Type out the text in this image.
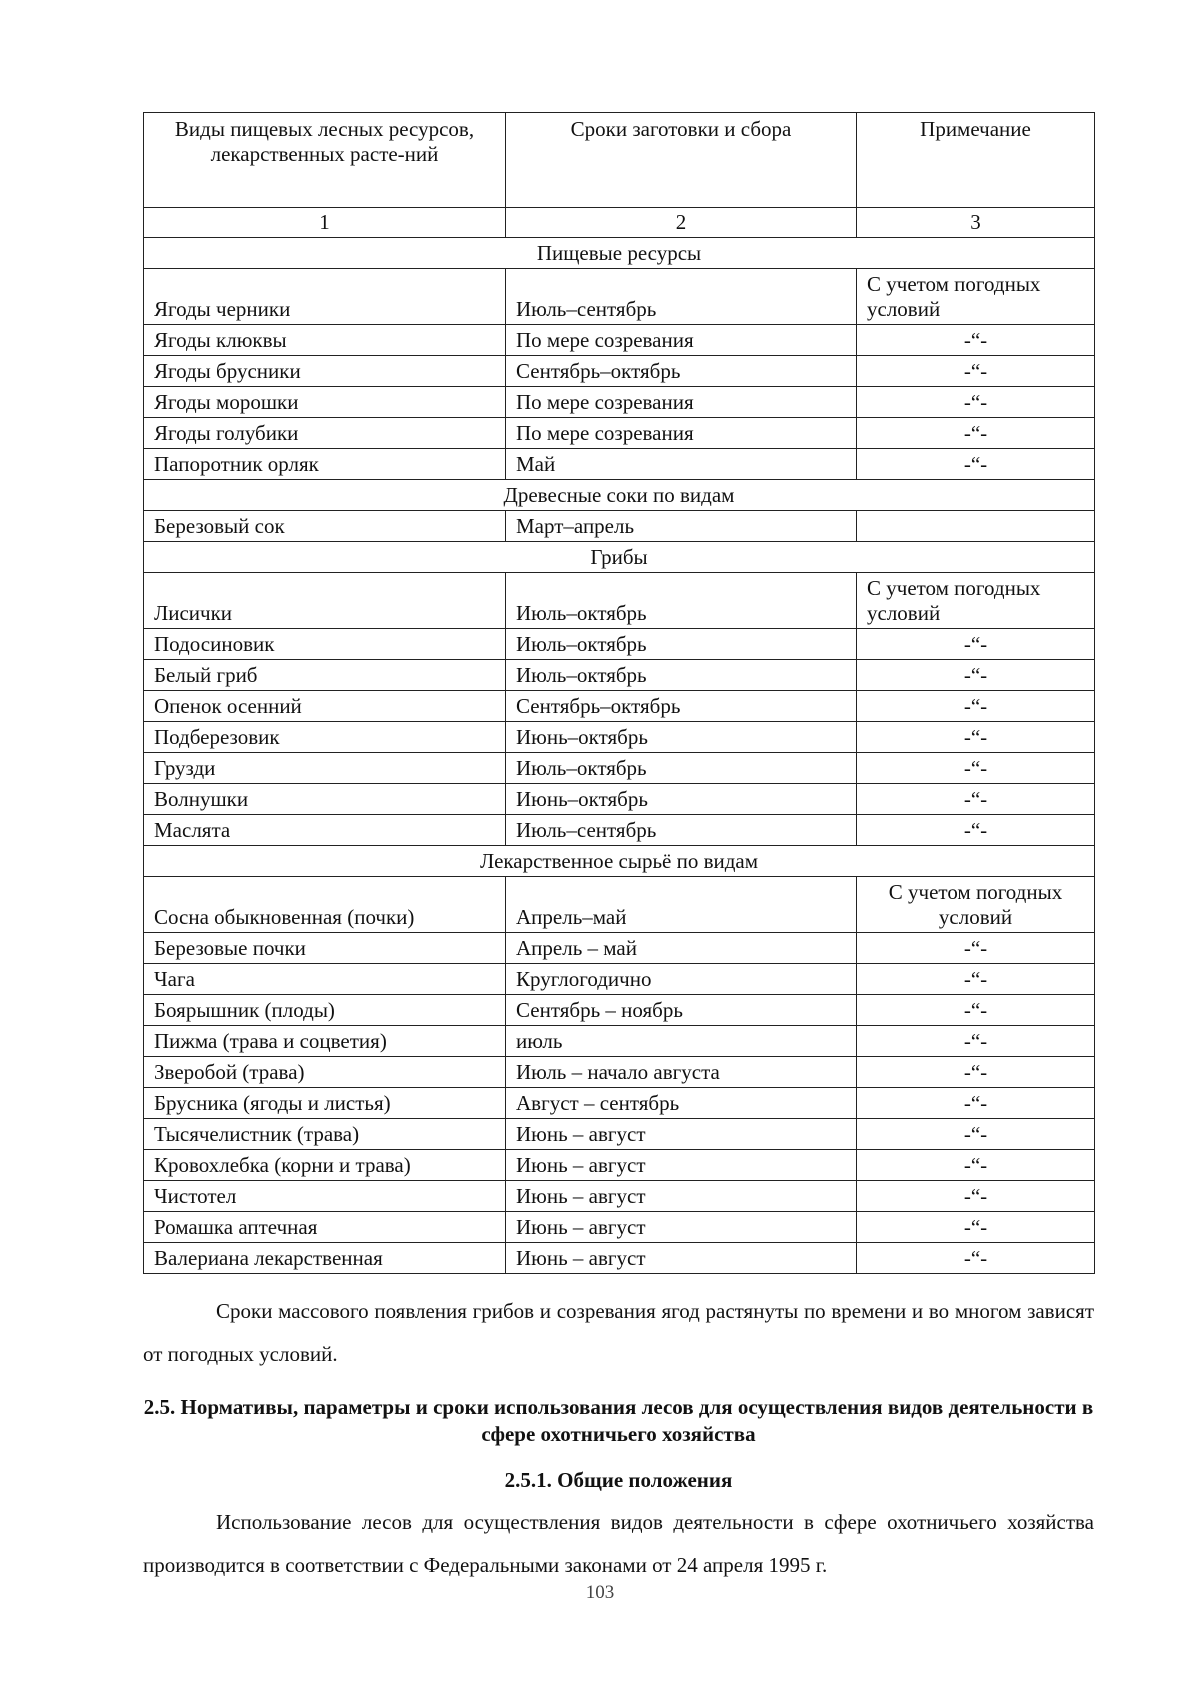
Виды пищевых лесных ресурсов, лекарственных расте-ний	Сроки заготовки и сбора	Примечание
1	2	3
Пищевые ресурсы		
Ягоды черники	Июль–сентябрь	С учетом погодных условий
Ягоды клюквы	По мере созревания	-“-
Ягоды брусники	Сентябрь–октябрь	-“-
Ягоды морошки	По мере созревания	-“-
Ягоды голубики	По мере созревания	-“-
Папоротник орляк	Май	-“-
Древесные соки по видам		
Березовый сок	Март–апрель	
Грибы		
Лисички	Июль–октябрь	С учетом погодных условий
Подосиновик	Июль–октябрь	-“-
Белый гриб	Июль–октябрь	-“-
Опенок осенний	Сентябрь–октябрь	-“-
Подберезовик	Июнь–октябрь	-“-
Грузди	Июль–октябрь	-“-
Волнушки	Июнь–октябрь	-“-
Маслята	Июль–сентябрь	-“-
Лекарственное сырьё по видам		
Сосна обыкновенная (почки)	Апрель–май	С учетом погодных условий
Березовые почки	Апрель – май	-“-
Чага	Круглогодично	-“-
Боярышник (плоды)	Сентябрь – ноябрь	-“-
Пижма (трава и соцветия)	июль	-“-
Зверобой (трава)	Июль – начало августа	-“-
Брусника (ягоды и листья)	Август – сентябрь	-“-
Тысячелистник (трава)	Июнь – август	-“-
Кровохлебка (корни и трава)	Июнь – август	-“-
Чистотел	Июнь – август	-“-
Ромашка аптечная	Июнь – август	-“-
Валериана лекарственная	Июнь – август	-“-

Сроки массового появления грибов и созревания ягод растянуты по времени и во многом зависят от погодных условий.

2.5. Нормативы, параметры и сроки использования лесов для осуществления видов деятельности в сфере охотничьего хозяйства

2.5.1. Общие положения

Использование лесов для осуществления видов деятельности в сфере охотничьего хозяйства производится в соответствии с Федеральными законами от 24 апреля 1995 г.

103
